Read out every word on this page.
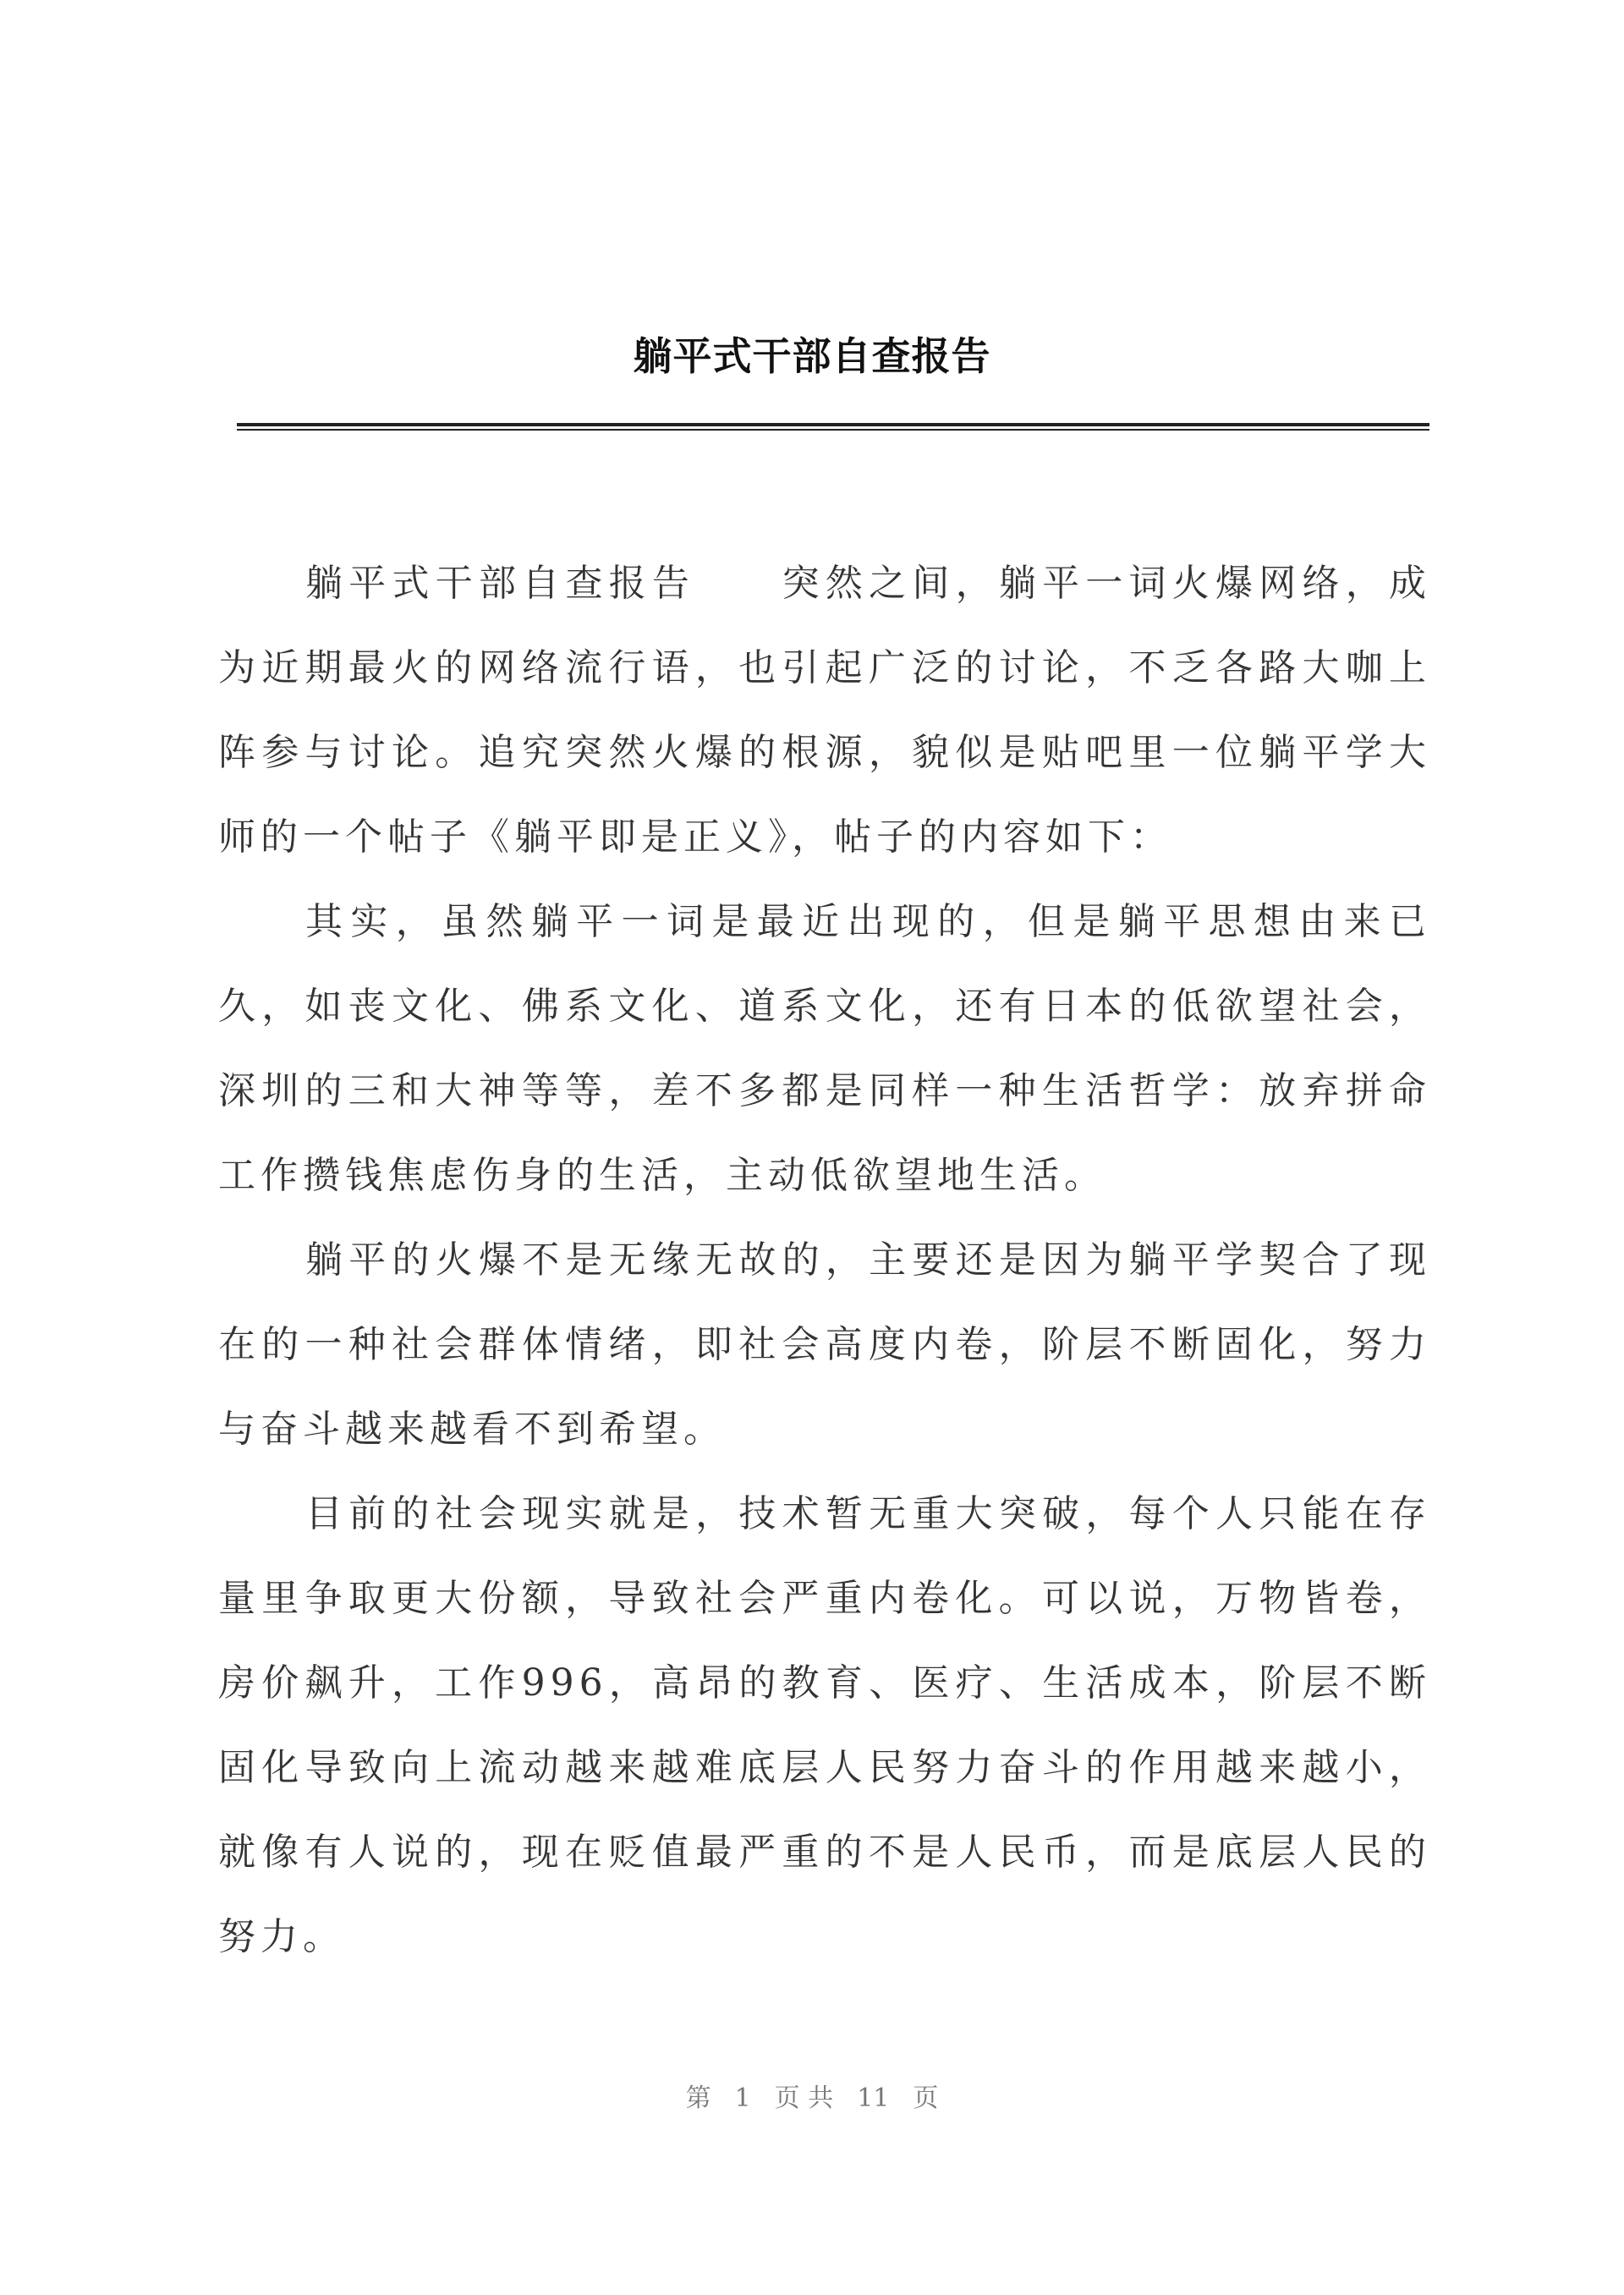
躺平式干部自查报告

躺平式干部自查报告　　突然之间，躺平一词火爆网络，成为近期最火的网络流行语，也引起广泛的讨论，不乏各路大咖上阵参与讨论。追究突然火爆的根源，貌似是贴吧里一位躺平学大师的一个帖子《躺平即是正义》，帖子的内容如下：

其实，虽然躺平一词是最近出现的，但是躺平思想由来已久，如丧文化、佛系文化、道系文化，还有日本的低欲望社会，深圳的三和大神等等，差不多都是同样一种生活哲学：放弃拼命工作攒钱焦虑伤身的生活，主动低欲望地生活。

躺平的火爆不是无缘无故的，主要还是因为躺平学契合了现在的一种社会群体情绪，即社会高度内卷，阶层不断固化，努力与奋斗越来越看不到希望。

目前的社会现实就是，技术暂无重大突破，每个人只能在存量里争取更大份额，导致社会严重内卷化。可以说，万物皆卷，房价飙升，工作996，高昂的教育、医疗、生活成本，阶层不断固化导致向上流动越来越难底层人民努力奋斗的作用越来越小，就像有人说的，现在贬值最严重的不是人民币，而是底层人民的努力。

第 1 页 共 11 页
